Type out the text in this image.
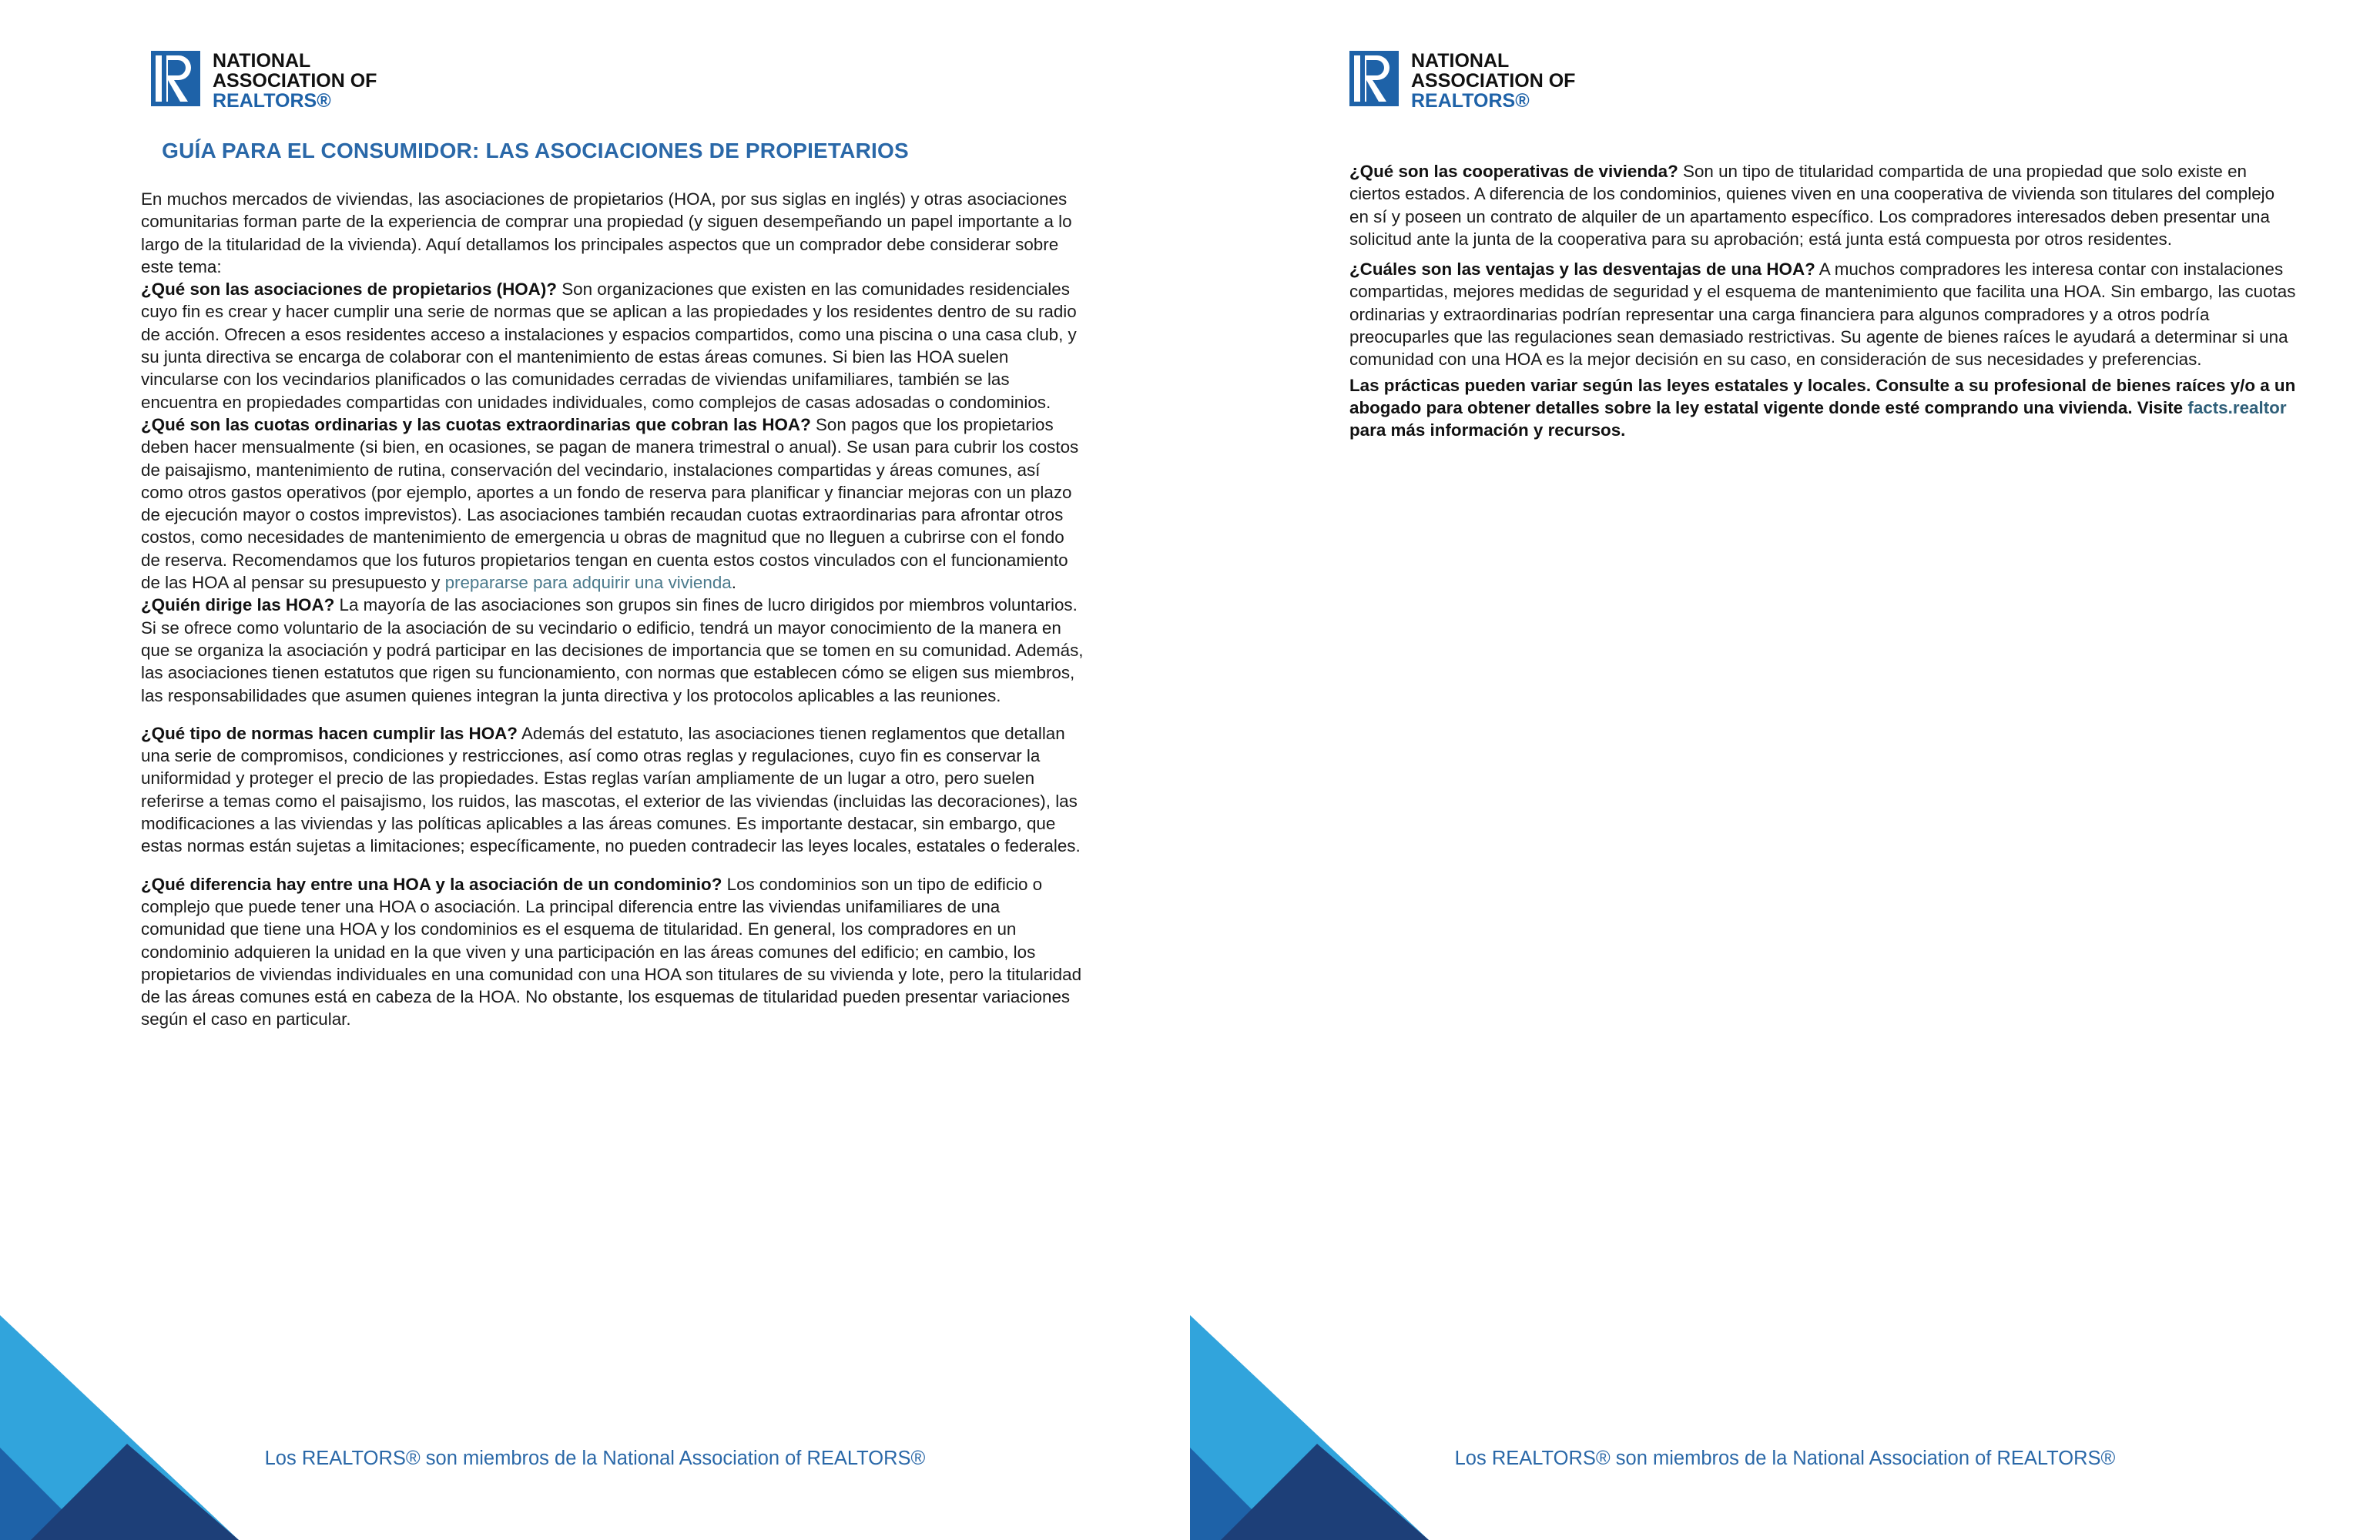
NATIONAL
ASSOCIATION OF
REALTORS®
GUÍA PARA EL CONSUMIDOR: LAS ASOCIACIONES DE PROPIETARIOS

En muchos mercados de viviendas, las asociaciones de propietarios (HOA, por sus siglas en inglés) y otras asociaciones comunitarias forman parte de la experiencia de comprar una propiedad (y siguen desempeñando un papel importante a lo largo de la titularidad de la vivienda). Aquí detallamos los principales aspectos que un comprador debe considerar sobre este tema:

¿Qué son las asociaciones de propietarios (HOA)? Son organizaciones que existen en las comunidades residenciales cuyo fin es crear y hacer cumplir una serie de normas que se aplican a las propiedades y los residentes dentro de su radio de acción. Ofrecen a esos residentes acceso a instalaciones y espacios compartidos, como una piscina o una casa club, y su junta directiva se encarga de colaborar con el mantenimiento de estas áreas comunes. Si bien las HOA suelen vincularse con los vecindarios planificados o las comunidades cerradas de viviendas unifamiliares, también se las encuentra en propiedades compartidas con unidades individuales, como complejos de casas adosadas o condominios.

¿Qué son las cuotas ordinarias y las cuotas extraordinarias que cobran las HOA? Son pagos que los propietarios deben hacer mensualmente (si bien, en ocasiones, se pagan de manera trimestral o anual). Se usan para cubrir los costos de paisajismo, mantenimiento de rutina, conservación del vecindario, instalaciones compartidas y áreas comunes, así como otros gastos operativos (por ejemplo, aportes a un fondo de reserva para planificar y financiar mejoras con un plazo de ejecución mayor o costos imprevistos). Las asociaciones también recaudan cuotas extraordinarias para afrontar otros costos, como necesidades de mantenimiento de emergencia u obras de magnitud que no lleguen a cubrirse con el fondo de reserva. Recomendamos que los futuros propietarios tengan en cuenta estos costos vinculados con el funcionamiento de las HOA al pensar su presupuesto y prepararse para adquirir una vivienda.

¿Quién dirige las HOA? La mayoría de las asociaciones son grupos sin fines de lucro dirigidos por miembros voluntarios. Si se ofrece como voluntario de la asociación de su vecindario o edificio, tendrá un mayor conocimiento de la manera en que se organiza la asociación y podrá participar en las decisiones de importancia que se tomen en su comunidad. Además, las asociaciones tienen estatutos que rigen su funcionamiento, con normas que establecen cómo se eligen sus miembros, las responsabilidades que asumen quienes integran la junta directiva y los protocolos aplicables a las reuniones.

¿Qué tipo de normas hacen cumplir las HOA? Además del estatuto, las asociaciones tienen reglamentos que detallan una serie de compromisos, condiciones y restricciones, así como otras reglas y regulaciones, cuyo fin es conservar la uniformidad y proteger el precio de las propiedades. Estas reglas varían ampliamente de un lugar a otro, pero suelen referirse a temas como el paisajismo, los ruidos, las mascotas, el exterior de las viviendas (incluidas las decoraciones), las modificaciones a las viviendas y las políticas aplicables a las áreas comunes. Es importante destacar, sin embargo, que estas normas están sujetas a limitaciones; específicamente, no pueden contradecir las leyes locales, estatales o federales.

¿Qué diferencia hay entre una HOA y la asociación de un condominio? Los condominios son un tipo de edificio o complejo que puede tener una HOA o asociación. La principal diferencia entre las viviendas unifamiliares de una comunidad que tiene una HOA y los condominios es el esquema de titularidad. En general, los compradores en un condominio adquieren la unidad en la que viven y una participación en las áreas comunes del edificio; en cambio, los propietarios de viviendas individuales en una comunidad con una HOA son titulares de su vivienda y lote, pero la titularidad de las áreas comunes está en cabeza de la HOA. No obstante, los esquemas de titularidad pueden presentar variaciones según el caso en particular.

Los REALTORS® son miembros de la National Association of REALTORS®
NATIONAL
ASSOCIATION OF
REALTORS®

¿Qué son las cooperativas de vivienda? Son un tipo de titularidad compartida de una propiedad que solo existe en ciertos estados. A diferencia de los condominios, quienes viven en una cooperativa de vivienda son titulares del complejo en sí y poseen un contrato de alquiler de un apartamento específico. Los compradores interesados deben presentar una solicitud ante la junta de la cooperativa para su aprobación; está junta está compuesta por otros residentes.

¿Cuáles son las ventajas y las desventajas de una HOA? A muchos compradores les interesa contar con instalaciones compartidas, mejores medidas de seguridad y el esquema de mantenimiento que facilita una HOA. Sin embargo, las cuotas ordinarias y extraordinarias podrían representar una carga financiera para algunos compradores y a otros podría preocuparles que las regulaciones sean demasiado restrictivas. Su agente de bienes raíces le ayudará a determinar si una comunidad con una HOA es la mejor decisión en su caso, en consideración de sus necesidades y preferencias.

Las prácticas pueden variar según las leyes estatales y locales. Consulte a su profesional de bienes raíces y/o a un abogado para obtener detalles sobre la ley estatal vigente donde esté comprando una vivienda. Visite facts.realtor para más información y recursos.

Los REALTORS® son miembros de la National Association of REALTORS®
